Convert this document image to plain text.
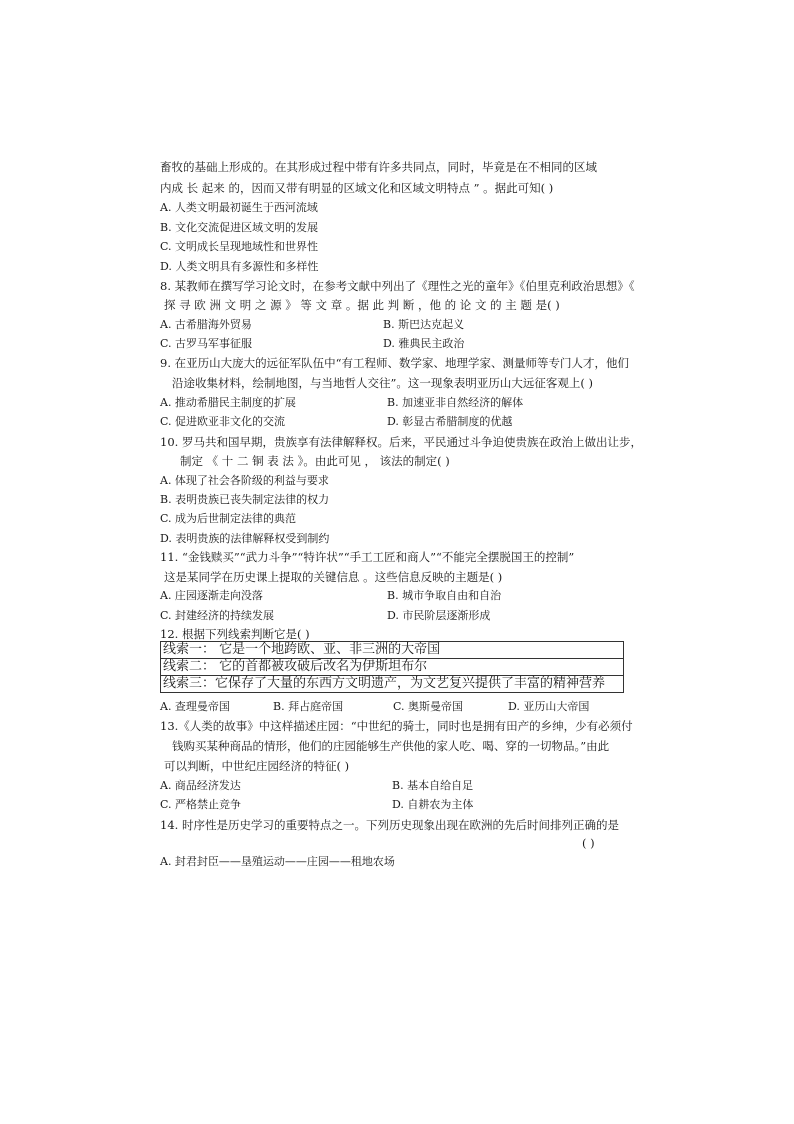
畜牧的基础上形成的。在其形成过程中带有许多共同点，同时，毕竟是在不相同的区域
内成 长 起来 的，因而又带有明显的区域文化和区域文明特点 ” 。据此可知( )
A. 人类文明最初诞生于西河流域
B. 文化交流促进区域文明的发展
C. 文明成长呈现地域性和世界性
D. 人类文明具有多源性和多样性
8. 某教师在撰写学习论文时，在参考文献中列出了《理性之光的童年》《伯里克利政治思想》《
探 寻 欧 洲 文 明 之 源 》 等 文 章 。据 此 判 断 ，他 的 论 文 的 主 题 是( )
A. 古希腊海外贸易	B. 斯巴达克起义
C. 古罗马军事征服	D. 雅典民主政治
9. 在亚历山大庞大的远征军队伍中“有工程师、数学家、地理学家、测量师等专门人才，他们
沿途收集材料，绘制地图，与当地哲人交往”。这一现象表明亚历山大远征客观上( )
A. 推动希腊民主制度的扩展	B. 加速亚非自然经济的解体
C. 促进欧亚非文化的交流	D. 彰显古希腊制度的优越
10. 罗马共和国早期，贵族享有法律解释权。后来，平民通过斗争迫使贵族在政治上做出让步，
制定 《 十 二 铜 表 法 》。由此可见 ， 该法的制定( )
A. 体现了社会各阶级的利益与要求
B. 表明贵族已丧失制定法律的权力
C. 成为后世制定法律的典范
D. 表明贵族的法律解释权受到制约
11. “金钱赎买”“武力斗争”“特许状”“手工工匠和商人”“不能完全摆脱国王的控制”
这是某同学在历史课上提取的关键信息 。这些信息反映的主题是( )
A. 庄园逐渐走向没落	B. 城市争取自由和自治
C. 封建经济的持续发展	D. 市民阶层逐渐形成
12. 根据下列线索判断它是( )
线索一： 它是一个地跨欧、亚、非三洲的大帝国
线索二： 它的首都被攻破后改名为伊斯坦布尔
线索三：它保存了大量的东西方文明遗产，为文艺复兴提供了丰富的精神营养
A. 查理曼帝国	B. 拜占庭帝国	C. 奥斯曼帝国	D. 亚历山大帝国
13.《人类的故事》中这样描述庄园：“中世纪的骑士，同时也是拥有田产的乡绅，少有必须付
钱购买某种商品的情形，他们的庄园能够生产供他的家人吃、喝、穿的一切物品。”由此
可以判断，中世纪庄园经济的特征( )
A. 商品经济发达	B. 基本自给自足
C. 严格禁止竞争	D. 自耕农为主体
14. 时序性是历史学习的重要特点之一。下列历史现象出现在欧洲的先后时间排列正确的是
( )
A. 封君封臣——垦殖运动——庄园——租地农场
